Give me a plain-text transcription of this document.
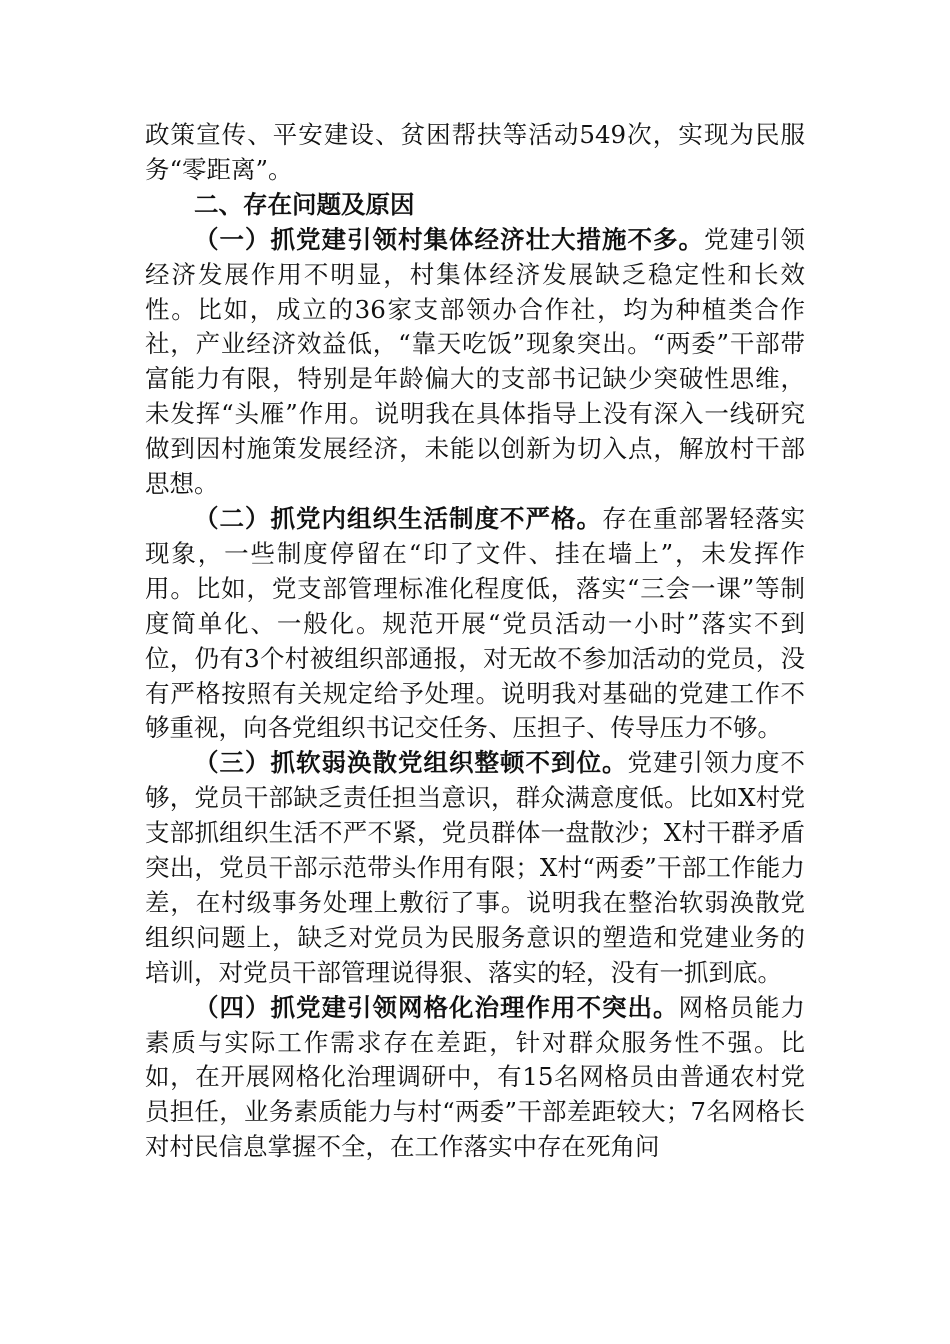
政策宣传、平安建设、贫困帮扶等活动549次，实现为民服务“零距离”。

二、存在问题及原因

（一）抓党建引领村集体经济壮大措施不多。党建引领经济发展作用不明显，村集体经济发展缺乏稳定性和长效性。比如，成立的36家支部领办合作社，均为种植类合作社，产业经济效益低，“靠天吃饭”现象突出。“两委”干部带富能力有限，特别是年龄偏大的支部书记缺少突破性思维，未发挥“头雁”作用。说明我在具体指导上没有深入一线研究做到因村施策发展经济，未能以创新为切入点，解放村干部思想。

（二）抓党内组织生活制度不严格。存在重部署轻落实现象，一些制度停留在“印了文件、挂在墙上”，未发挥作用。比如，党支部管理标准化程度低，落实“三会一课”等制度简单化、一般化。规范开展“党员活动一小时”落实不到位，仍有3个村被组织部通报，对无故不参加活动的党员，没有严格按照有关规定给予处理。说明我对基础的党建工作不够重视，向各党组织书记交任务、压担子、传导压力不够。

（三）抓软弱涣散党组织整顿不到位。党建引领力度不够，党员干部缺乏责任担当意识，群众满意度低。比如X村党支部抓组织生活不严不紧，党员群体一盘散沙；X村干群矛盾突出，党员干部示范带头作用有限；X村“两委”干部工作能力差，在村级事务处理上敷衍了事。说明我在整治软弱涣散党组织问题上，缺乏对党员为民服务意识的塑造和党建业务的培训，对党员干部管理说得狠、落实的轻，没有一抓到底。

（四）抓党建引领网格化治理作用不突出。网格员能力素质与实际工作需求存在差距，针对群众服务性不强。比如，在开展网格化治理调研中，有15名网格员由普通农村党员担任，业务素质能力与村“两委”干部差距较大；7名网格长对村民信息掌握不全，在工作落实中存在死角问
